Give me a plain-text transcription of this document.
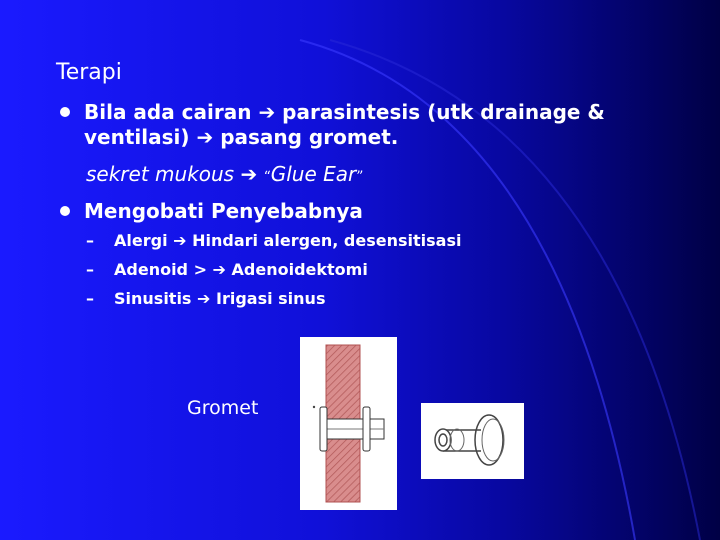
Terapi
Bila ada cairan ➔ parasintesis (utk drainage &
ventilasi) ➔ pasang gromet.
sekret mukous ➔ “Glue Ear”
Mengobati Penyebabnya
– Alergi ➔ Hindari alergen, desensitisasi
– Adenoid > ➔ Adenoidektomi
– Sinusitis ➔ Irigasi sinus
Gromet
